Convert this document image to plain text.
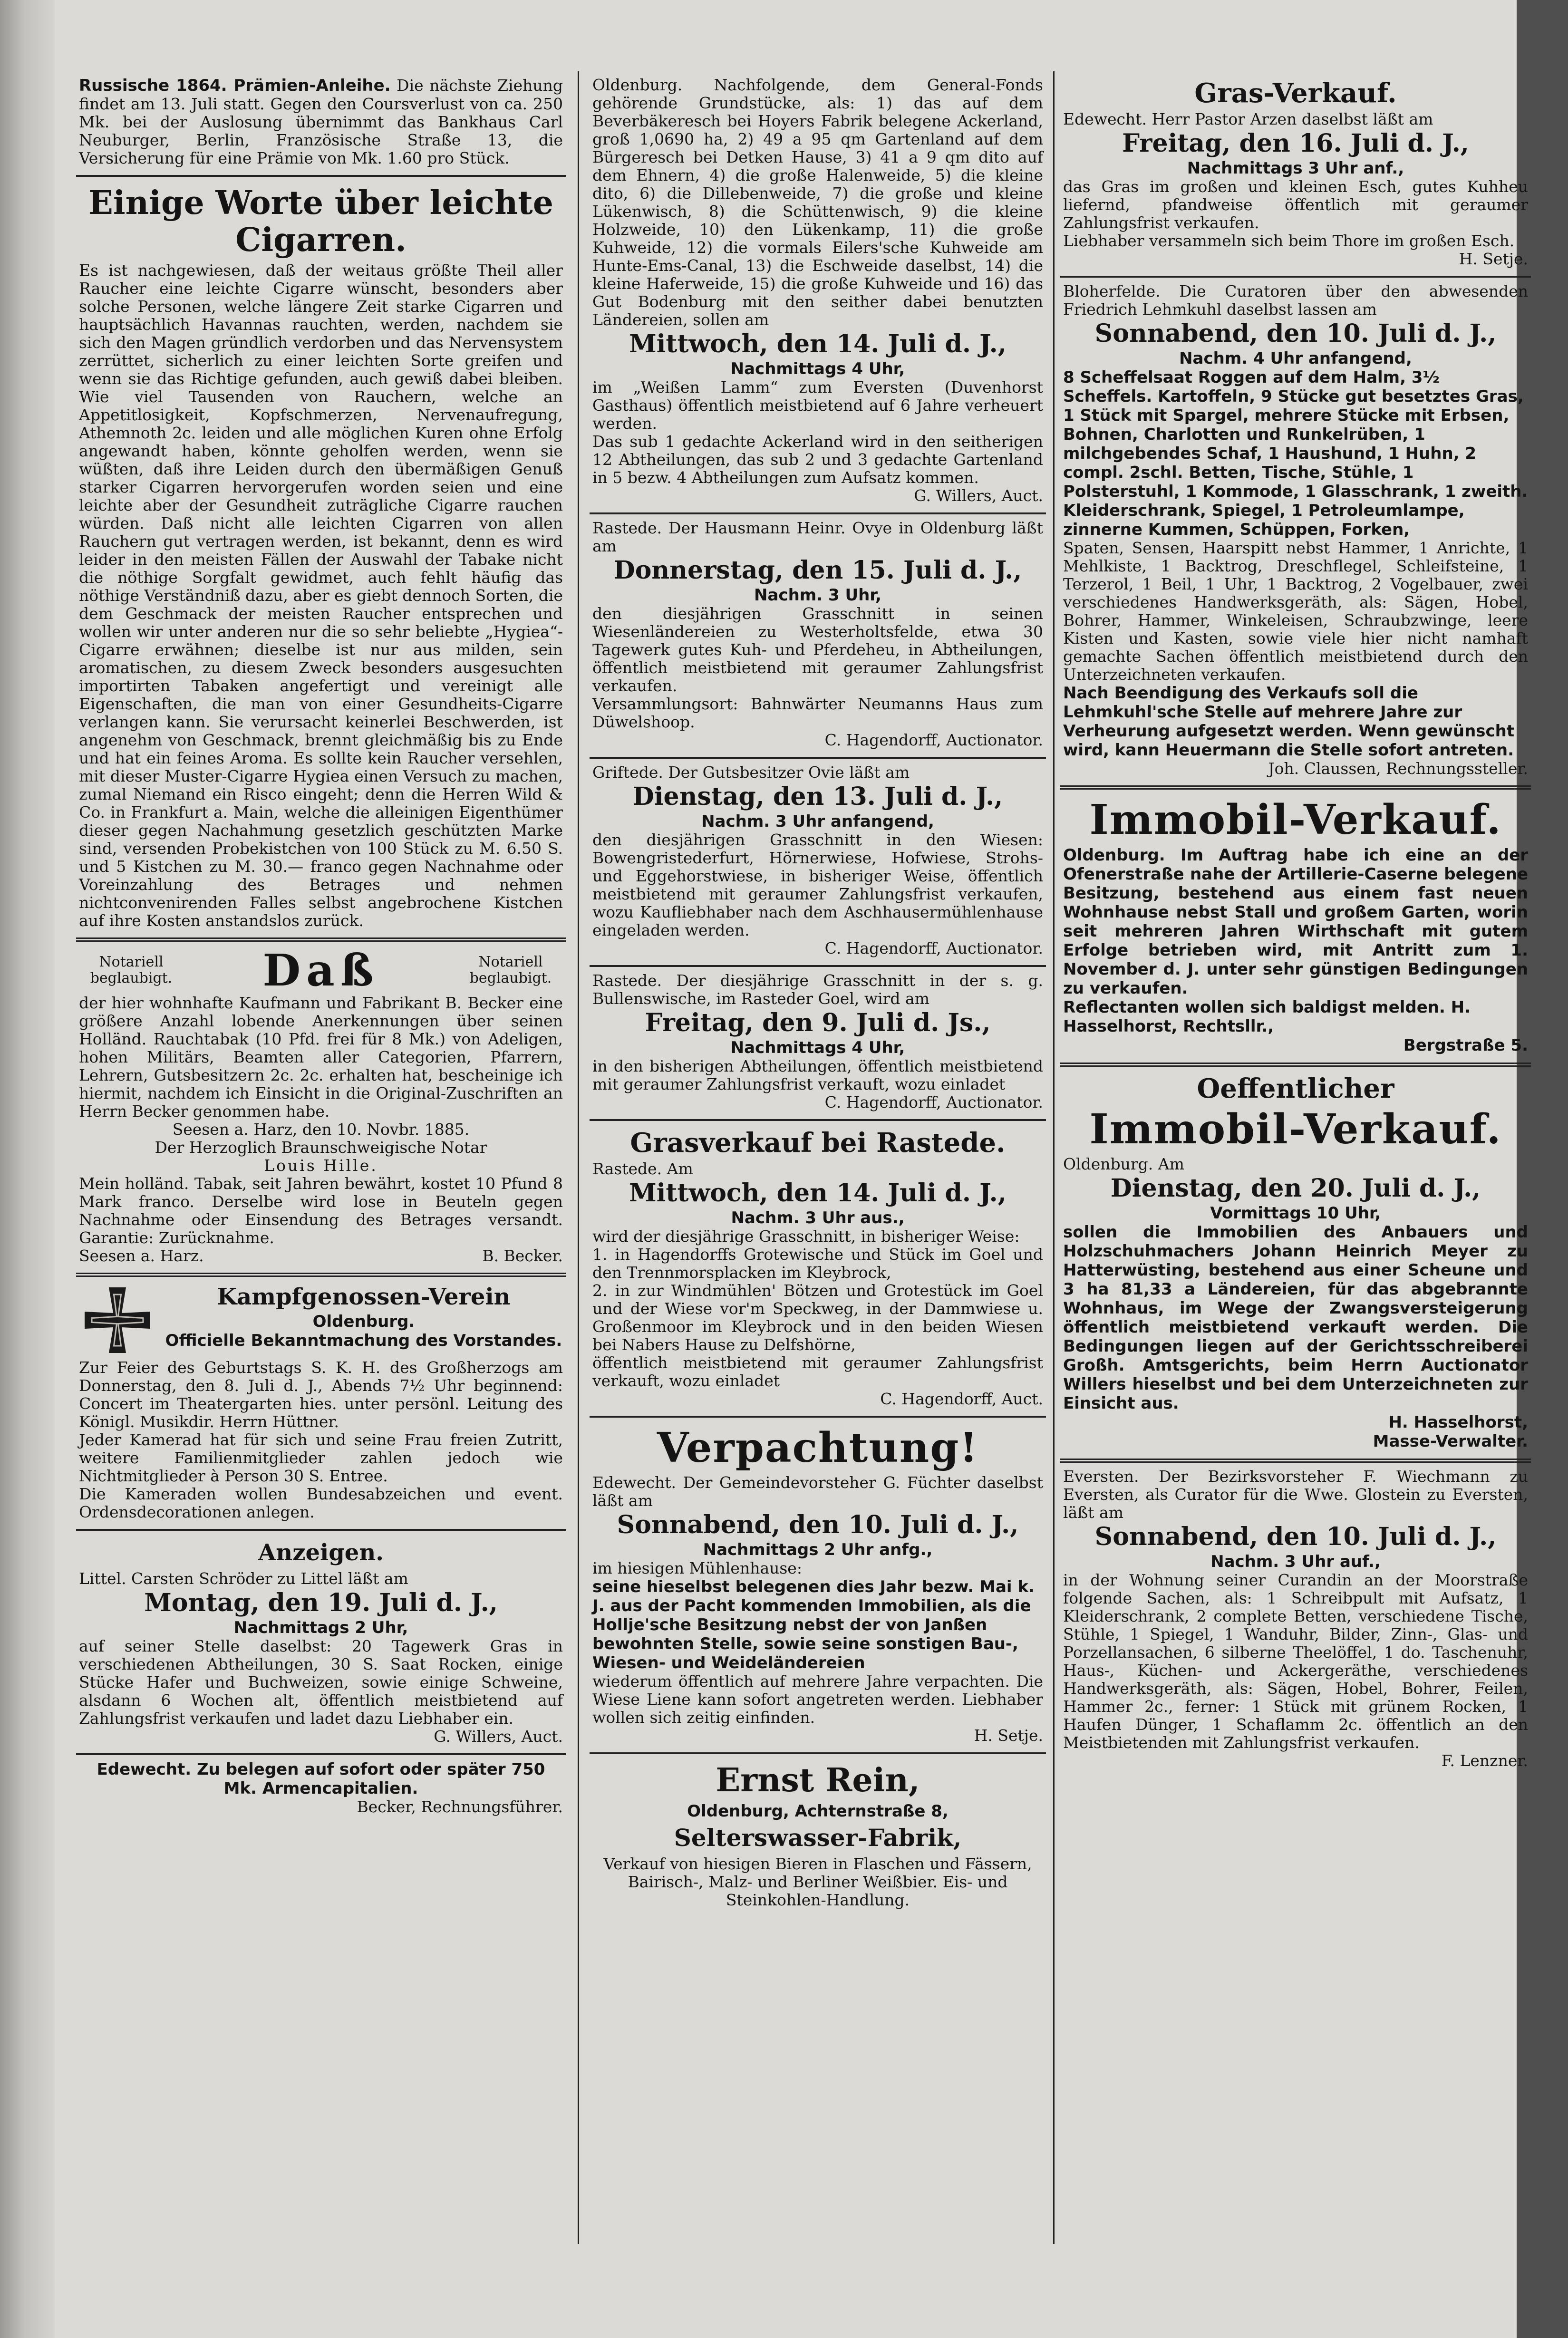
Russische 1864. Prämien-Anleihe. Die nächste Ziehung findet am 13. Juli statt. Gegen den Coursverlust von ca. 250 Mk. bei der Auslosung übernimmt das Bankhaus Carl Neuburger, Berlin, Französische Straße 13, die Versicherung für eine Prämie von Mk. 1.60 pro Stück.
Einige Worte über leichte Cigarren.
Es ist nachgewiesen, daß der weitaus größte Theil aller Raucher eine leichte Cigarre wünscht, besonders aber solche Personen, welche längere Zeit starke Cigarren und hauptsächlich Havannas rauchten, werden, nachdem sie sich den Magen gründlich verdorben und das Nervensystem zerrüttet, sicherlich zu einer leichten Sorte greifen und wenn sie das Richtige gefunden, auch gewiß dabei bleiben. Wie viel Tausenden von Rauchern, welche an Appetitlosigkeit, Kopfschmerzen, Nervenaufregung, Athemnoth 2c. leiden und alle möglichen Kuren ohne Erfolg angewandt haben, könnte geholfen werden, wenn sie wüßten, daß ihre Leiden durch den übermäßigen Genuß starker Cigarren hervorgerufen worden seien und eine leichte aber der Gesundheit zuträgliche Cigarre rauchen würden. Daß nicht alle leichten Cigarren von allen Rauchern gut vertragen werden, ist bekannt, denn es wird leider in den meisten Fällen der Auswahl der Tabake nicht die nöthige Sorgfalt gewidmet, auch fehlt häufig das nöthige Verständniß dazu, aber es giebt dennoch Sorten, die dem Geschmack der meisten Raucher entsprechen und wollen wir unter anderen nur die so sehr beliebte „Hygiea“-Cigarre erwähnen; dieselbe ist nur aus milden, sein aromatischen, zu diesem Zweck besonders ausgesuchten importirten Tabaken angefertigt und vereinigt alle Eigenschaften, die man von einer Gesundheits-Cigarre verlangen kann. Sie verursacht keinerlei Beschwerden, ist angenehm von Geschmack, brennt gleichmäßig bis zu Ende und hat ein feines Aroma. Es sollte kein Raucher versehlen, mit dieser Muster-Cigarre Hygiea einen Versuch zu machen, zumal Niemand ein Risco eingeht; denn die Herren Wild & Co. in Frankfurt a. Main, welche die alleinigen Eigenthümer dieser gegen Nachahmung gesetzlich geschützten Marke sind, versenden Probekistchen von 100 Stück zu M. 6.50 S. und 5 Kistchen zu M. 30.— franco gegen Nachnahme oder Voreinzahlung des Betrages und nehmen nichtconvenirenden Falles selbst angebrochene Kistchen auf ihre Kosten anstandslos zurück.
Notariell beglaubigt. Daß	Notariell beglaubigt.
der hier wohnhafte Kaufmann und Fabrikant B. Becker eine größere Anzahl lobende Anerkennungen über seinen Holländ. Rauchtabak (10 Pfd. frei für 8 Mk.) von Adeligen, hohen Militärs, Beamten aller Categorien, Pfarrern, Lehrern, Gutsbesitzern 2c. 2c. erhalten hat, bescheinige ich hiermit, nachdem ich Einsicht in die Original-Zuschriften an Herrn Becker genommen habe.
Seesen a. Harz, den 10. Novbr. 1885.
Der Herzoglich Braunschweigische Notar
Louis Hille.
Mein holländ. Tabak, seit Jahren bewährt, kostet 10 Pfund 8 Mark franco. Derselbe wird lose in Beuteln gegen Nachnahme oder Einsendung des Betrages versandt. Garantie: Zurücknahme.
Seesen a. Harz.	B. Becker.
Kampfgenossen-Verein
Oldenburg.
Officielle Bekanntmachung des Vorstandes.
Zur Feier des Geburtstags S. K. H. des Großherzogs am Donnerstag, den 8. Juli d. J., Abends 7½ Uhr beginnend: Concert im Theatergarten hies. unter persönl. Leitung des Königl. Musikdir. Herrn Hüttner.
Jeder Kamerad hat für sich und seine Frau freien Zutritt, weitere Familienmitglieder zahlen jedoch wie Nichtmitglieder à Person 30 S. Entree.
Die Kameraden wollen Bundesabzeichen und event. Ordensdecorationen anlegen.
Anzeigen.
Littel. Carsten Schröder zu Littel läßt am
Montag, den 19. Juli d. J.,
Nachmittags 2 Uhr,
auf seiner Stelle daselbst: 20 Tagewerk Gras in verschiedenen Abtheilungen, 30 S. Saat Rocken, einige Stücke Hafer und Buchweizen, sowie einige Schweine, alsdann 6 Wochen alt, öffentlich meistbietend auf Zahlungsfrist verkaufen und ladet dazu Liebhaber ein.
G. Willers, Auct.
Edewecht. Zu belegen auf sofort oder später 750 Mk. Armencapitalien.
Becker, Rechnungsführer.
Oldenburg. Nachfolgende, dem General-Fonds gehörende Grundstücke, als: 1) das auf dem Beverbäkeresch bei Hoyers Fabrik belegene Ackerland, groß 1,0690 ha, 2) 49 a 95 qm Gartenland auf dem Bürgeresch bei Detken Hause, 3) 41 a 9 qm dito auf dem Ehnern, 4) die große Halenweide, 5) die kleine dito, 6) die Dillebenweide, 7) die große und kleine Lükenwisch, 8) die Schüttenwisch, 9) die kleine Holzweide, 10) den Lükenkamp, 11) die große Kuhweide, 12) die vormals Eilers'sche Kuhweide am Hunte-Ems-Canal, 13) die Eschweide daselbst, 14) die kleine Haferweide, 15) die große Kuhweide und 16) das Gut Bodenburg mit den seither dabei benutzten Ländereien, sollen am
Mittwoch, den 14. Juli d. J.,
Nachmittags 4 Uhr,
im „Weißen Lamm“ zum Eversten (Duvenhorst Gasthaus) öffentlich meistbietend auf 6 Jahre verheuert werden.
Das sub 1 gedachte Ackerland wird in den seitherigen 12 Abtheilungen, das sub 2 und 3 gedachte Gartenland in 5 bezw. 4 Abtheilungen zum Aufsatz kommen.
G. Willers, Auct.
Rastede. Der Hausmann Heinr. Ovye in Oldenburg läßt am
Donnerstag, den 15. Juli d. J.,
Nachm. 3 Uhr,
den diesjährigen Grasschnitt in seinen Wiesenländereien zu Westerholtsfelde, etwa 30 Tagewerk gutes Kuh- und Pferdeheu, in Abtheilungen, öffentlich meistbietend mit geraumer Zahlungsfrist verkaufen.
Versammlungsort: Bahnwärter Neumanns Haus zum Düwelshoop.
C. Hagendorff, Auctionator.
Griftede. Der Gutsbesitzer Ovie läßt am
Dienstag, den 13. Juli d. J.,
Nachm. 3 Uhr anfangend,
den diesjährigen Grasschnitt in den Wiesen: Bowengristederfurt, Hörnerwiese, Hofwiese, Strohs- und Eggehorstwiese, in bisheriger Weise, öffentlich meistbietend mit geraumer Zahlungsfrist verkaufen, wozu Kaufliebhaber nach dem Aschhausermühlenhause eingeladen werden.
C. Hagendorff, Auctionator.
Rastede. Der diesjährige Grasschnitt in der s. g. Bullenswische, im Rasteder Goel, wird am
Freitag, den 9. Juli d. Js.,
Nachmittags 4 Uhr,
in den bisherigen Abtheilungen, öffentlich meistbietend mit geraumer Zahlungsfrist verkauft, wozu einladet
C. Hagendorff, Auctionator.
Grasverkauf bei Rastede.
Rastede. Am
Mittwoch, den 14. Juli d. J.,
Nachm. 3 Uhr aus.,
wird der diesjährige Grasschnitt, in bisheriger Weise:
1. in Hagendorffs Grotewische und Stück im Goel und den Trennmorsplacken im Kleybrock,
2. in zur Windmühlen' Bötzen und Grotestück im Goel und der Wiese vor'm Speckweg, in der Dammwiese u. Großenmoor im Kleybrock und in den beiden Wiesen bei Nabers Hause zu Delfshörne,
öffentlich meistbietend mit geraumer Zahlungsfrist verkauft, wozu einladet
C. Hagendorff, Auct.
Verpachtung!
Edewecht. Der Gemeindevorsteher G. Füchter daselbst läßt am
Sonnabend, den 10. Juli d. J.,
Nachmittags 2 Uhr anfg.,
im hiesigen Mühlenhause:
seine hieselbst belegenen dies Jahr bezw. Mai k. J. aus der Pacht kommenden Immobilien, als die Hollje'sche Besitzung nebst der von Janßen bewohnten Stelle, sowie seine sonstigen Bau-, Wiesen- und Weideländereien
wiederum öffentlich auf mehrere Jahre verpachten. Die Wiese Liene kann sofort angetreten werden. Liebhaber wollen sich zeitig einfinden.
H. Setje.
Ernst Rein,
Oldenburg, Achternstraße 8,
Selterswasser-Fabrik,
Verkauf von hiesigen Bieren in Flaschen und Fässern, Bairisch-, Malz- und Berliner Weißbier. Eis- und Steinkohlen-Handlung.
Gras-Verkauf.
Edewecht. Herr Pastor Arzen daselbst läßt am
Freitag, den 16. Juli d. J.,
Nachmittags 3 Uhr anf.,
das Gras im großen und kleinen Esch, gutes Kuhheu liefernd, pfandweise öffentlich mit geraumer Zahlungsfrist verkaufen.
Liebhaber versammeln sich beim Thore im großen Esch.
H. Setje.
Bloherfelde. Die Curatoren über den abwesenden Friedrich Lehmkuhl daselbst lassen am
Sonnabend, den 10. Juli d. J.,
Nachm. 4 Uhr anfangend,
8 Scheffelsaat Roggen auf dem Halm, 3½ Scheffels. Kartoffeln, 9 Stücke gut besetztes Gras, 1 Stück mit Spargel, mehrere Stücke mit Erbsen, Bohnen, Charlotten und Runkelrüben, 1 milchgebendes Schaf, 1 Haushund, 1 Huhn, 2 compl. 2schl. Betten, Tische, Stühle, 1 Polsterstuhl, 1 Kommode, 1 Glasschrank, 1 zweith. Kleiderschrank, Spiegel, 1 Petroleumlampe, zinnerne Kummen, Schüppen, Forken,
Spaten, Sensen, Haarspitt nebst Hammer, 1 Anrichte, 1 Mehlkiste, 1 Backtrog, Dreschflegel, Schleifsteine, 1 Terzerol, 1 Beil, 1 Uhr, 1 Backtrog, 2 Vogelbauer, zwei verschiedenes Handwerksgeräth, als: Sägen, Hobel, Bohrer, Hammer, Winkeleisen, Schraubzwinge, leere Kisten und Kasten, sowie viele hier nicht namhaft gemachte Sachen öffentlich meistbietend durch den Unterzeichneten verkaufen.
Nach Beendigung des Verkaufs soll die Lehmkuhl'sche Stelle auf mehrere Jahre zur Verheurung aufgesetzt werden. Wenn gewünscht wird, kann Heuermann die Stelle sofort antreten.
Joh. Claussen, Rechnungssteller.
Immobil-Verkauf.
Oldenburg. Im Auftrag habe ich eine an der Ofenerstraße nahe der Artillerie-Caserne belegene Besitzung, bestehend aus einem fast neuen Wohnhause nebst Stall und großem Garten, worin seit mehreren Jahren Wirthschaft mit gutem Erfolge betrieben wird, mit Antritt zum 1. November d. J. unter sehr günstigen Bedingungen zu verkaufen.
Reflectanten wollen sich baldigst melden. H. Hasselhorst, Rechtsllr.,
Bergstraße 5.
Oeffentlicher
Immobil-Verkauf.
Oldenburg. Am
Dienstag, den 20. Juli d. J.,
Vormittags 10 Uhr,
sollen die Immobilien des Anbauers und Holzschuhmachers Johann Heinrich Meyer zu Hatterwüsting, bestehend aus einer Scheune und 3 ha 81,33 a Ländereien, für das abgebrannte Wohnhaus, im Wege der Zwangsversteigerung öffentlich meistbietend verkauft werden. Die Bedingungen liegen auf der Gerichtsschreiberei Großh. Amtsgerichts, beim Herrn Auctionator Willers hieselbst und bei dem Unterzeichneten zur Einsicht aus.
H. Hasselhorst,
Masse-Verwalter.
Eversten. Der Bezirksvorsteher F. Wiechmann zu Eversten, als Curator für die Wwe. Glostein zu Eversten, läßt am
Sonnabend, den 10. Juli d. J.,
Nachm. 3 Uhr auf.,
in der Wohnung seiner Curandin an der Moorstraße folgende Sachen, als: 1 Schreibpult mit Aufsatz, 1 Kleiderschrank, 2 complete Betten, verschiedene Tische, Stühle, 1 Spiegel, 1 Wanduhr, Bilder, Zinn-, Glas- und Porzellansachen, 6 silberne Theelöffel, 1 do. Taschenuhr, Haus-, Küchen- und Ackergeräthe, verschiedenes Handwerksgeräth, als: Sägen, Hobel, Bohrer, Feilen, Hammer 2c., ferner: 1 Stück mit grünem Rocken, 1 Haufen Dünger, 1 Schaflamm 2c. öffentlich an den Meistbietenden mit Zahlungsfrist verkaufen.
F. Lenzner.
